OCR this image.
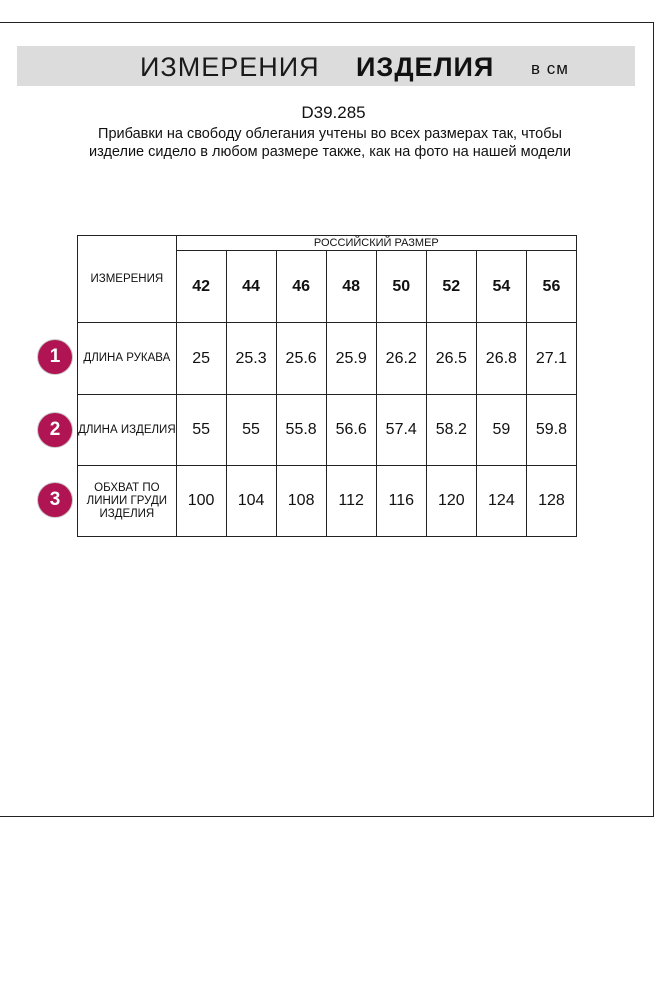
ИЗМЕРЕНИЯ ИЗДЕЛИЯ в см
D39.285
Прибавки на свободу облегания учтены во всех размерах так, чтобы изделие сидело в любом размере также, как на фото на нашей модели
ИЗМЕРЕНИЯ	РОССИЙСКИЙ РАЗМЕР							
	42	44	46	48	50	52	54	56
ДЛИНА РУКАВА	25	25.3	25.6	25.9	26.2	26.5	26.8	27.1
ДЛИНА ИЗДЕЛИЯ	55	55	55.8	56.6	57.4	58.2	59	59.8
ОБХВАТ ПО ЛИНИИ ГРУДИ ИЗДЕЛИЯ	100	104	108	112	116	120	124	128
1
2
3
